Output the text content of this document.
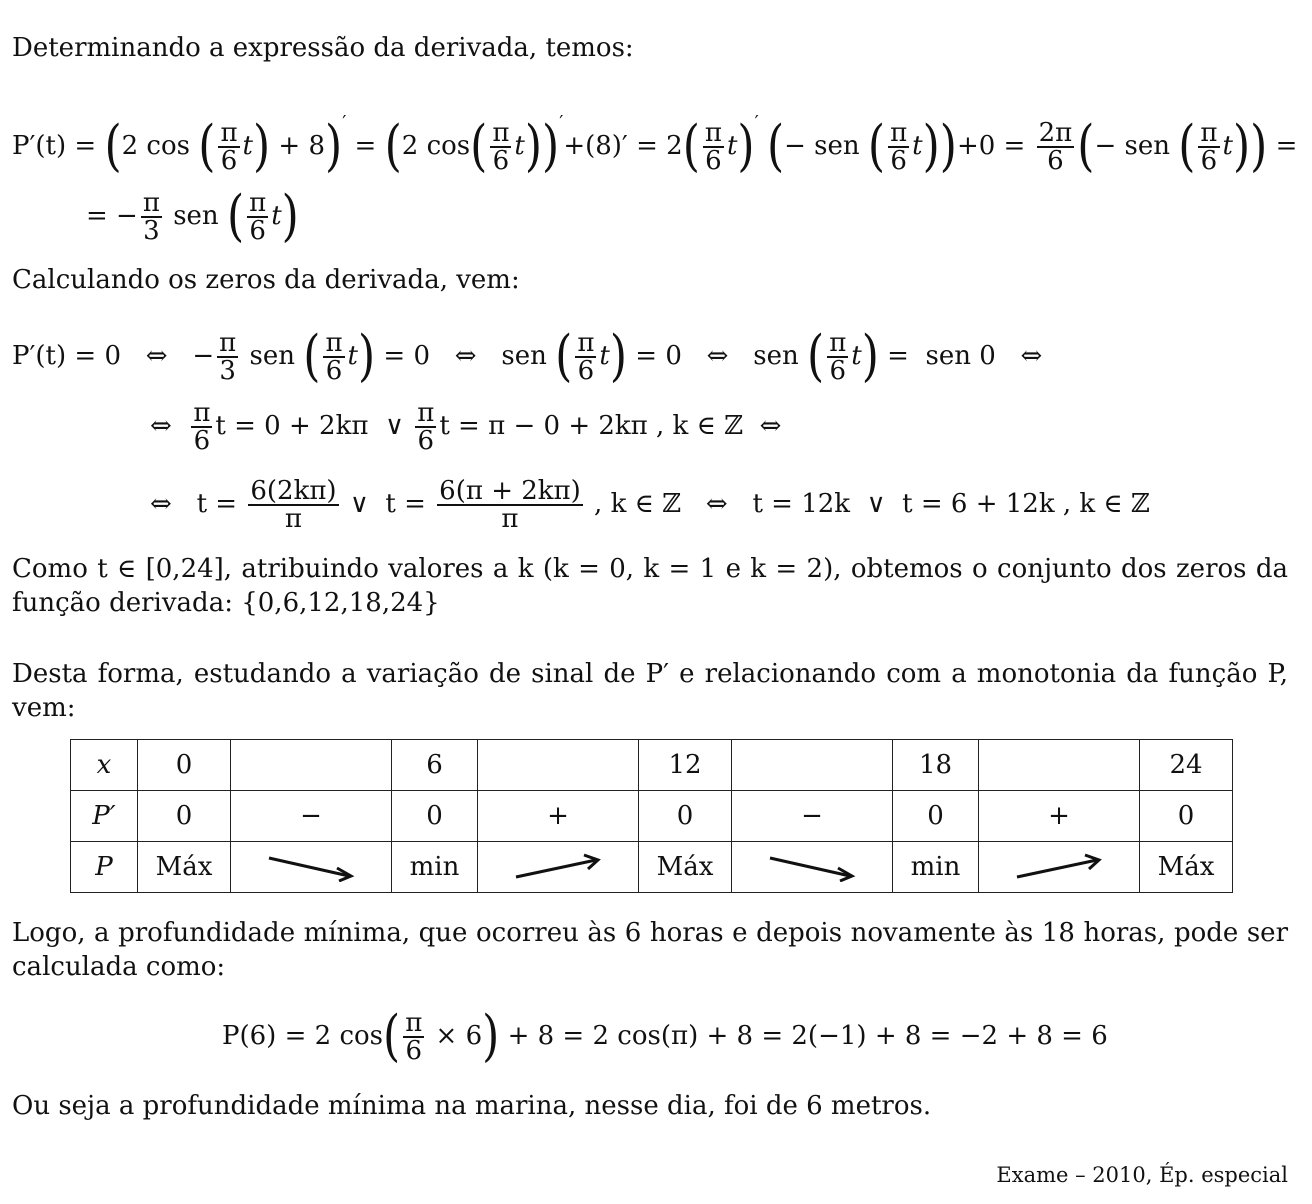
Determinando a expressão da derivada, temos:

P′(t) = (2 cos ( $\frac{\pi}{6} t) + 8)' = (2$ $\cos( \frac{\pi}{6} t))'+(8)' = 2( \frac{\pi}{6} t)'$ (− sen ( $\frac{\pi}{6} t))+0 = \frac{2\pi}{6}$ (− sen ( $\frac{\pi}{6} t$)) =
= − $\frac{\pi}{3}$ sen ( $\frac{\pi}{6} t$)

Calculando os zeros da derivada, vem:

P′(t) = 0   ⇔   − $\frac{\pi}{3}$ sen ( $\frac{\pi}{6} t) = 0$   ⇔   sen ( $\frac{\pi}{6} t) = 0$   ⇔   sen ( $\frac{\pi}{6} t$) =  sen 0   ⇔
⇔ $\frac{\pi}{6}$ t = 0 + 2kπ  ∨ $\frac{\pi}{6}$ t = π − 0 + 2kπ , k ∈ ℤ  ⇔
⇔   $t = \frac{6(2k\pi)}{\pi}$ ∨  $t = \frac{6(\pi + 2k\pi)}{\pi}$ , k ∈ ℤ   ⇔   t = 12k  ∨  t = 6 + 12k , k ∈ ℤ

Como t ∈ [0,24], atribuindo valores a k (k = 0, k = 1 e k = 2), obtemos o conjunto dos zeros da função derivada: {0,6,12,18,24}

Desta forma, estudando a variação de sinal de P′ e relacionando com a monotonia da função P, vem:

x	0		6		12		18		24
P′	0	−	0	+	0	−	0	+	0
P	Máx		min		Máx		min		Máx

Logo, a profundidade mínima, que ocorreu às 6 horas e depois novamente às 18 horas, pode ser calculada como:

P(6) = 2 $\cos( \frac{\pi}{6} \times 6) + 8 = 2$ cos(π) + 8 = 2(−1) + 8 = −2 + 8 = 6

Ou seja a profundidade mínima na marina, nesse dia, foi de 6 metros.

Exame – 2010, Ép. especial
